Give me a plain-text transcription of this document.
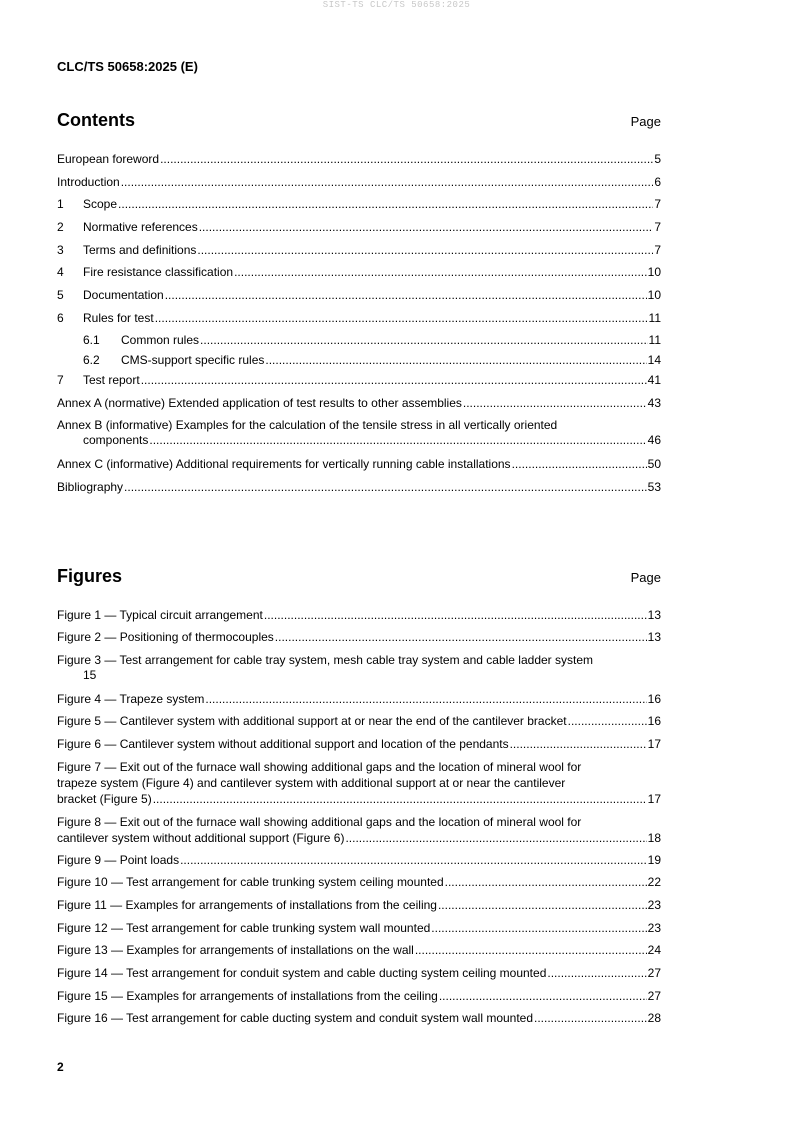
SIST-TS CLC/TS 50658:2025
CLC/TS 50658:2025 (E)
Contents	Page
European foreword .....	5
Introduction .....	6
1	Scope .....	7
2	Normative references .....	7
3	Terms and definitions .....	7
4	Fire resistance classification .....	10
5	Documentation .....	10
6	Rules for test .....	11
6.1	Common rules .....	11
6.2	CMS-support specific rules .....	14
7	Test report .....	41
Annex A (normative) Extended application of test results to other assemblies .....	43
Annex B (informative) Examples for the calculation of the tensile stress in all vertically oriented
components .....	46
Annex C (informative) Additional requirements for vertically running cable installations .....	50
Bibliography .....	53
Figures	Page
Figure 1 — Typical circuit arrangement .....	13
Figure 2 — Positioning of thermocouples .....	13
Figure 3 — Test arrangement for cable tray system, mesh cable tray system and cable ladder system
15
Figure 4 — Trapeze system .....	16
Figure 5 — Cantilever system with additional support at or near the end of the cantilever bracket .....	16
Figure 6 — Cantilever system without additional support and location of the pendants .....	17
Figure 7 — Exit out of the furnace wall showing additional gaps and the location of mineral wool for
trapeze system (Figure 4) and cantilever system with additional support at or near the cantilever
bracket (Figure 5) .....	17
Figure 8 — Exit out of the furnace wall showing additional gaps and the location of mineral wool for
cantilever system without additional support (Figure 6) .....	18
Figure 9 — Point loads .....	19
Figure 10 — Test arrangement for cable trunking system ceiling mounted .....	22
Figure 11 — Examples for arrangements of installations from the ceiling .....	23
Figure 12 — Test arrangement for cable trunking system wall mounted .....	23
Figure 13 — Examples for arrangements of installations on the wall .....	24
Figure 14 — Test arrangement for conduit system and cable ducting system ceiling mounted .....	27
Figure 15 — Examples for arrangements of installations from the ceiling .....	27
Figure 16 — Test arrangement for cable ducting system and conduit system wall mounted .....	28
2
